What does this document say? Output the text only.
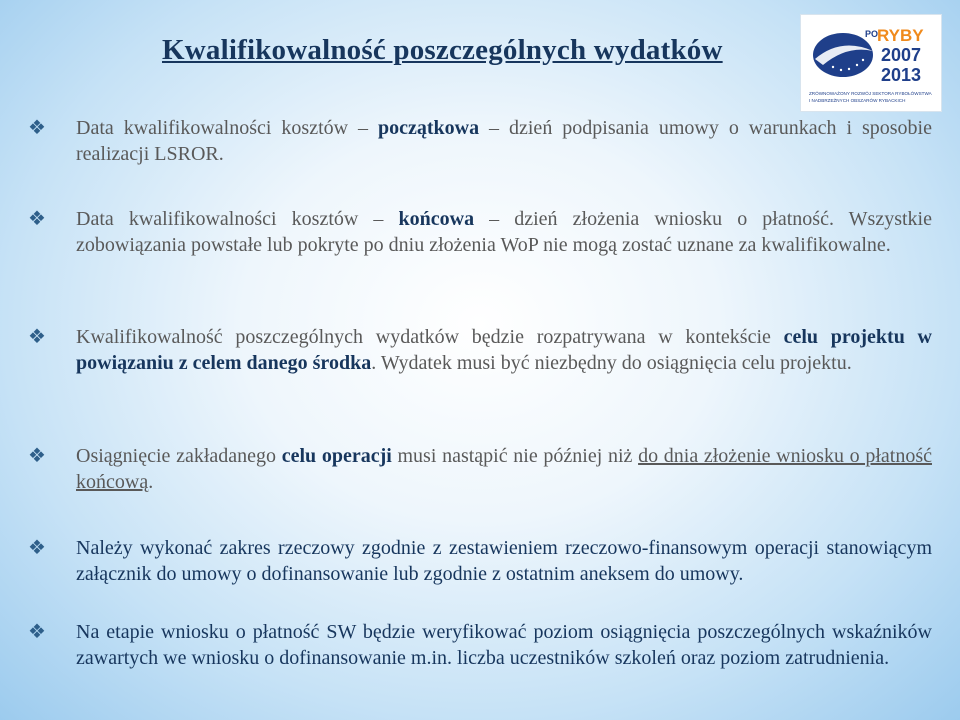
Kwalifikowalność poszczególnych wydatków	PO
RYBY
2007
2013
ZRÓWNOWAŻONY ROZWÓJ SEKTORA RYBOŁÓWSTWA
I NADBRZEŻNYCH OBSZARÓW RYBACKICH
❖	Data kwalifikowalności kosztów – początkowa – dzień podpisania umowy o warunkach i sposobie realizacji LSROR.
❖	Data kwalifikowalności kosztów – końcowa – dzień złożenia wniosku o płatność. Wszystkie zobowiązania powstałe lub pokryte po dniu złożenia WoP nie mogą zostać uznane za kwalifikowalne.
❖	Kwalifikowalność poszczególnych wydatków będzie rozpatrywana w kontekście celu projektu w powiązaniu z celem danego środka. Wydatek musi być niezbędny do osiągnięcia celu projektu.
❖	Osiągnięcie zakładanego celu operacji musi nastąpić nie później niż do dnia złożenie wniosku o płatność końcową.
❖	Należy wykonać zakres rzeczowy zgodnie z zestawieniem rzeczowo-finansowym operacji stanowiącym załącznik do umowy o dofinansowanie lub zgodnie z ostatnim aneksem do umowy.
❖	Na etapie wniosku o płatność SW będzie weryfikować poziom osiągnięcia poszczególnych wskaźników zawartych we wniosku o dofinansowanie m.in. liczba uczestników szkoleń oraz poziom zatrudnienia.
